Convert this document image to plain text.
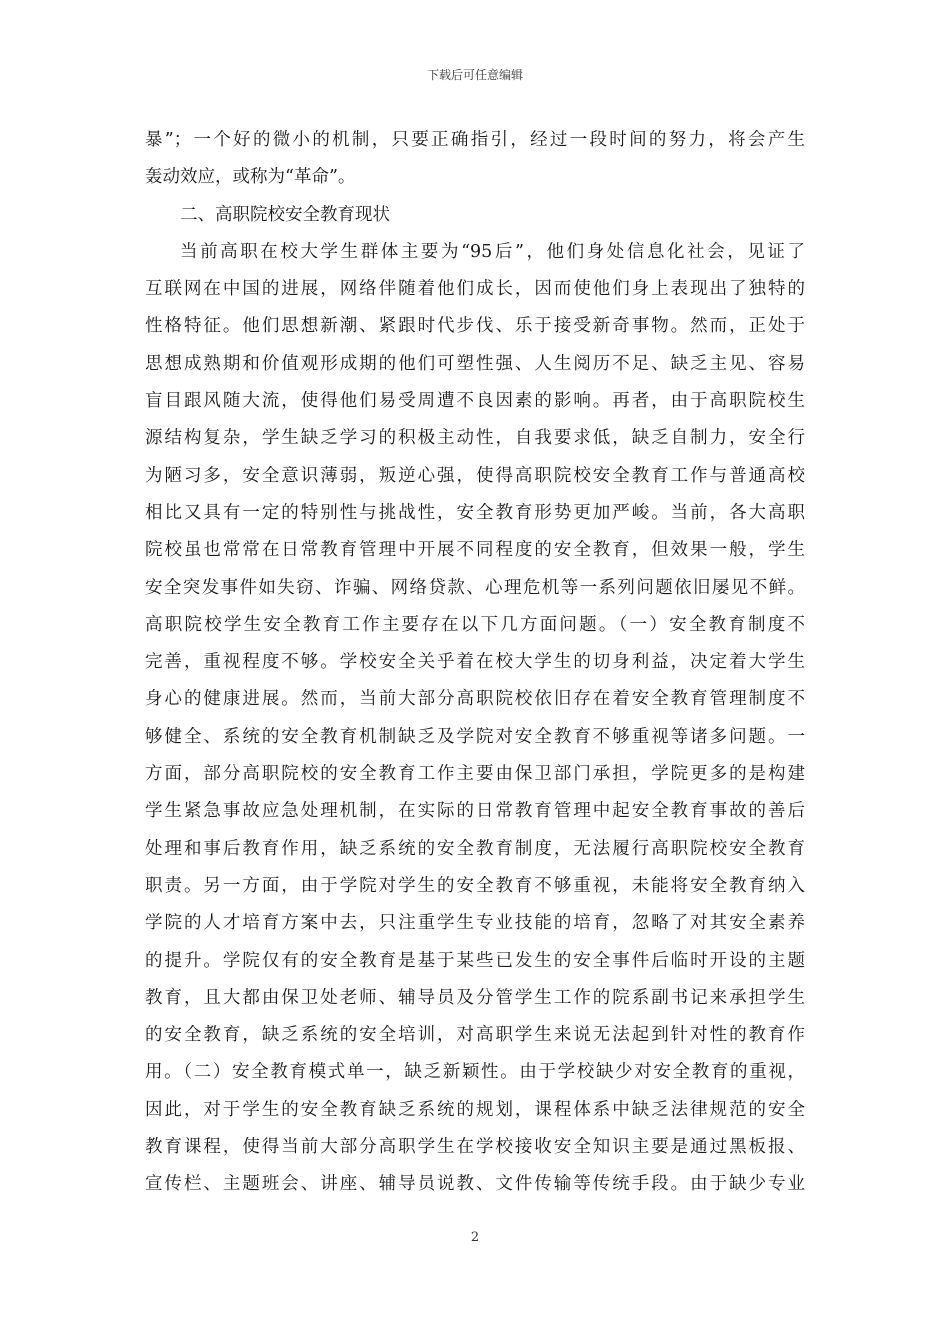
下载后可任意编辑
暴”；一个好的微小的机制，只要正确指引，经过一段时间的努力，将会产生
轰动效应，或称为“革命”。
二、高职院校安全教育现状
当前高职在校大学生群体主要为“95后”，他们身处信息化社会，见证了
互联网在中国的进展，网络伴随着他们成长，因而使他们身上表现出了独特的
性格特征。他们思想新潮、紧跟时代步伐、乐于接受新奇事物。然而，正处于
思想成熟期和价值观形成期的他们可塑性强、人生阅历不足、缺乏主见、容易
盲目跟风随大流，使得他们易受周遭不良因素的影响。再者，由于高职院校生
源结构复杂，学生缺乏学习的积极主动性，自我要求低，缺乏自制力，安全行
为陋习多，安全意识薄弱，叛逆心强，使得高职院校安全教育工作与普通高校
相比又具有一定的特别性与挑战性，安全教育形势更加严峻。当前，各大高职
院校虽也常常在日常教育管理中开展不同程度的安全教育，但效果一般，学生
安全突发事件如失窃、诈骗、网络贷款、心理危机等一系列问题依旧屡见不鲜。
高职院校学生安全教育工作主要存在以下几方面问题。（一）安全教育制度不
完善，重视程度不够。学校安全关乎着在校大学生的切身利益，决定着大学生
身心的健康进展。然而，当前大部分高职院校依旧存在着安全教育管理制度不
够健全、系统的安全教育机制缺乏及学院对安全教育不够重视等诸多问题。一
方面，部分高职院校的安全教育工作主要由保卫部门承担，学院更多的是构建
学生紧急事故应急处理机制，在实际的日常教育管理中起安全教育事故的善后
处理和事后教育作用，缺乏系统的安全教育制度，无法履行高职院校安全教育
职责。另一方面，由于学院对学生的安全教育不够重视，未能将安全教育纳入
学院的人才培育方案中去，只注重学生专业技能的培育，忽略了对其安全素养
的提升。学院仅有的安全教育是基于某些已发生的安全事件后临时开设的主题
教育，且大都由保卫处老师、辅导员及分管学生工作的院系副书记来承担学生
的安全教育，缺乏系统的安全培训，对高职学生来说无法起到针对性的教育作
用。（二）安全教育模式单一，缺乏新颖性。由于学校缺少对安全教育的重视，
因此，对于学生的安全教育缺乏系统的规划，课程体系中缺乏法律规范的安全
教育课程，使得当前大部分高职学生在学校接收安全知识主要是通过黑板报、
宣传栏、主题班会、讲座、辅导员说教、文件传输等传统手段。由于缺少专业
2
